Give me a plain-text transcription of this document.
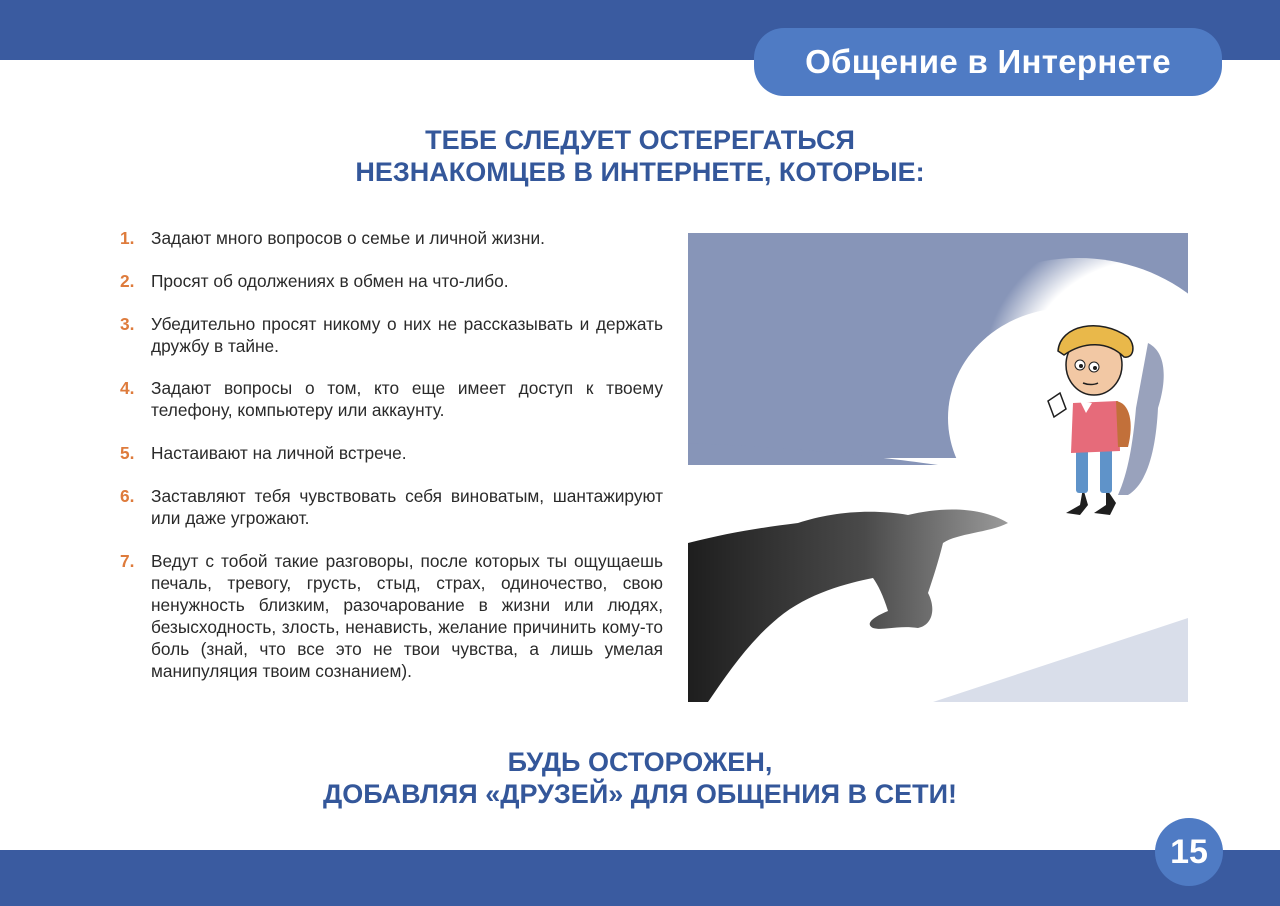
Общение в Интернете
ТЕБЕ СЛЕДУЕТ ОСТЕРЕГАТЬСЯ
НЕЗНАКОМЦЕВ В ИНТЕРНЕТЕ, КОТОРЫЕ:
1. Задают много вопросов о семье и личной жизни.
2. Просят об одолжениях в обмен на что-либо.
3. Убедительно просят никому о них не рассказывать и держать дружбу в тайне.
4. Задают вопросы о том, кто еще имеет доступ к твоему телефону, компьютеру или аккаунту.
5. Настаивают на личной встрече.
6. Заставляют тебя чувствовать себя виноватым, шантажируют или даже угрожают.
7. Ведут с тобой такие разговоры, после которых ты ощущаешь печаль, тревогу, грусть, стыд, страх, одиночество, свою ненужность близким, разочарование в жизни или людях, безысходность, злость, ненависть, желание причинить кому-то боль (знай, что все это не твои чувства, а лишь умелая манипуляция твоим сознанием).

БУДЬ ОСТОРОЖЕН,
ДОБАВЛЯЯ «ДРУЗЕЙ» ДЛЯ ОБЩЕНИЯ В СЕТИ!

15
